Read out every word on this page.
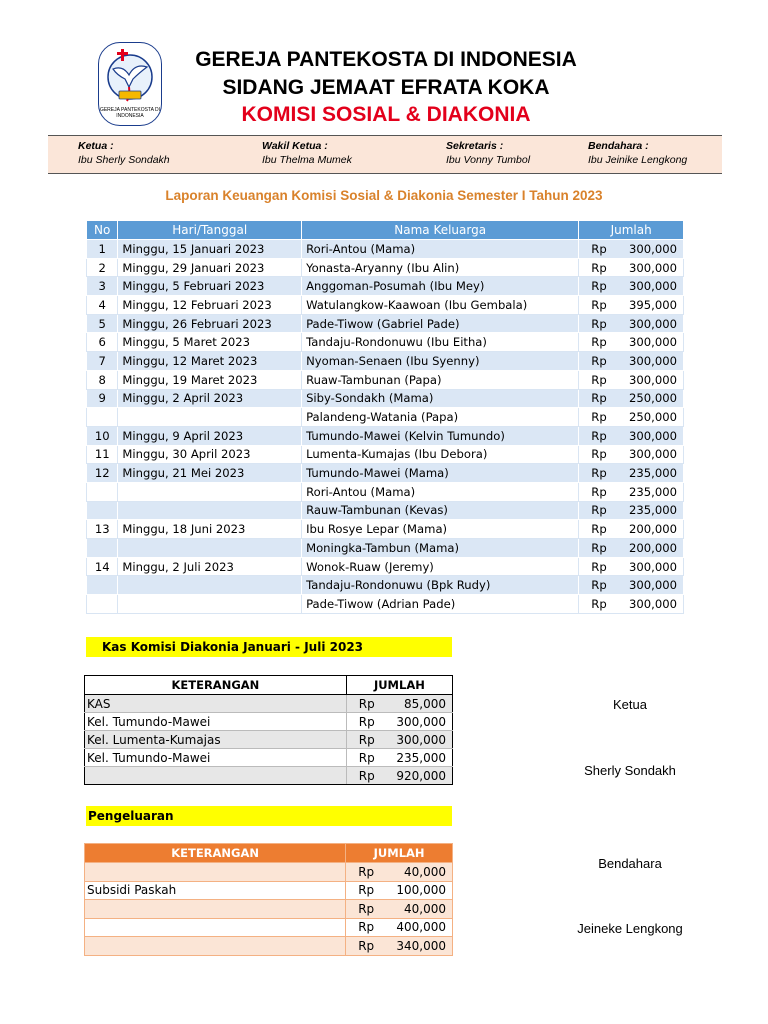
GEREJA PANTEKOSTA DI INDONESIA
GEREJA PANTEKOSTA DI INDONESIA
SIDANG JEMAAT EFRATA KOKA
KOMISI SOSIAL & DIAKONIA
Ketua :
Ibu Sherly Sondakh
Wakil Ketua :
Ibu Thelma Mumek
Sekretaris :
Ibu Vonny Tumbol
Bendahara :
Ibu Jeinike Lengkong
Laporan Keuangan Komisi Sosial & Diakonia Semester I Tahun 2023
No	Hari/Tanggal	Nama Keluarga	Jumlah
1	Minggu, 15 Januari 2023	Rori-Antou (Mama)	Rp 300,000

2	Minggu, 29 Januari 2023	Yonasta-Aryanny (Ibu Alin)	Rp 300,000

3	Minggu, 5 Februari 2023	Anggoman-Posumah (Ibu Mey)	Rp 300,000

4	Minggu, 12 Februari 2023	Watulangkow-Kaawoan (Ibu Gembala)	Rp 395,000

5	Minggu, 26 Februari 2023	Pade-Tiwow (Gabriel Pade)	Rp 300,000

6	Minggu, 5 Maret 2023	Tandaju-Rondonuwu (Ibu Eitha)	Rp 300,000

7	Minggu, 12 Maret 2023	Nyoman-Senaen (Ibu Syenny)	Rp 300,000

8	Minggu, 19 Maret 2023	Ruaw-Tambunan (Papa)	Rp 300,000

9	Minggu, 2 April 2023	Siby-Sondakh (Mama)	Rp 250,000

		Palandeng-Watania (Papa)	Rp 250,000

10	Minggu, 9 April 2023	Tumundo-Mawei (Kelvin Tumundo)	Rp 300,000

11	Minggu, 30 April 2023	Lumenta-Kumajas (Ibu Debora)	Rp 300,000

12	Minggu, 21 Mei 2023	Tumundo-Mawei (Mama)	Rp 235,000

		Rori-Antou (Mama)	Rp 235,000

		Rauw-Tambunan (Kevas)	Rp 235,000

13	Minggu, 18 Juni 2023	Ibu Rosye Lepar (Mama)	Rp 200,000

		Moningka-Tambun (Mama)	Rp 200,000

14	Minggu, 2 Juli 2023	Wonok-Ruaw (Jeremy)	Rp 300,000

		Tandaju-Rondonuwu (Bpk Rudy)	Rp 300,000

		Pade-Tiwow (Adrian Pade)	Rp 300,000
Kas Komisi Diakonia Januari - Juli 2023
KETERANGAN	JUMLAH
KAS	Rp 85,000

Kel. Tumundo-Mawei	Rp 300,000

Kel. Lumenta-Kumajas	Rp 300,000

Kel. Tumundo-Mawei	Rp 235,000

	Rp 920,000
Pengeluaran
KETERANGAN	JUMLAH

	Rp 40,000

Subsidi Paskah	Rp 100,000

	Rp 40,000

	Rp 400,000

	Rp 340,000
Ketua
Sherly Sondakh
Bendahara
Jeineke Lengkong
